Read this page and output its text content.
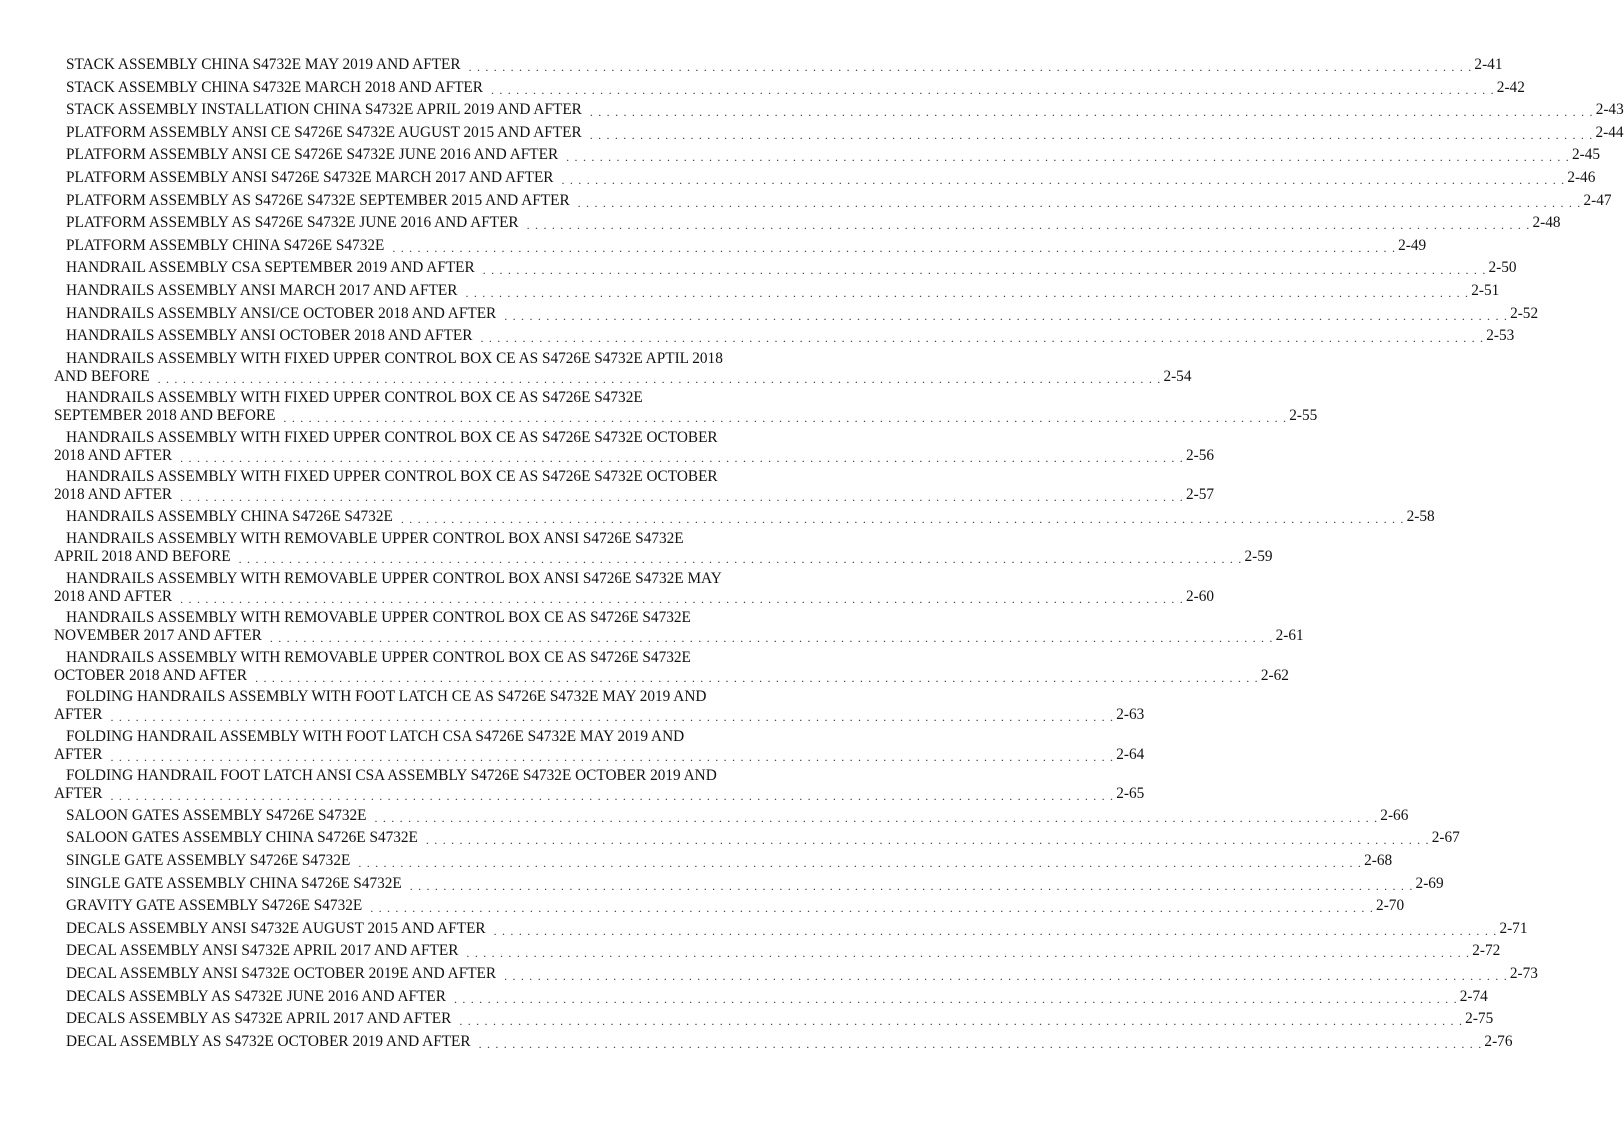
STACK ASSEMBLY CHINA S4732E MAY 2019 AND AFTER . . . . . . . . . . . . . . . . . . . . . . . . . . . . . . . . . . . . . . . . . . . . . . . . . . . . . . . . . . . . . . . . . . . . . . . . . . . . . . . . . . . . . . . . . . . . . . . . . . . . . . . . . . . . . . . . . . . . . . . . 2-41
STACK ASSEMBLY CHINA S4732E MARCH 2018 AND AFTER . . . . . . . . . . . . . . . . . . . . . . . . . . . . . . . . . . . . . . . . . . . . . . . . . . . . . . . . . . . . . . . . . . . . . . . . . . . . . . . . . . . . . . . . . . . . . . . . . . . . . . . . . . . . . . . . . . . . . . . . 2-42
STACK ASSEMBLY INSTALLATION CHINA S4732E APRIL 2019 AND AFTER . . . . . . . . . . . . . . . . . . . . . . . . . . . . . . . . . . . . . . . . . . . . . . . . . . . . . . . . . . . . . . . . . . . . . . . . . . . . . . . . . . . . . . . . . . . . . . . . . . . . . . . . . . . . . . . . . . . . . . . . 2-43
PLATFORM ASSEMBLY ANSI CE S4726E S4732E AUGUST 2015 AND AFTER . . . . . . . . . . . . . . . . . . . . . . . . . . . . . . . . . . . . . . . . . . . . . . . . . . . . . . . . . . . . . . . . . . . . . . . . . . . . . . . . . . . . . . . . . . . . . . . . . . . . . . . . . . . . . . . . . . . . . . . . 2-44
PLATFORM ASSEMBLY ANSI CE S4726E S4732E JUNE 2016 AND AFTER . . . . . . . . . . . . . . . . . . . . . . . . . . . . . . . . . . . . . . . . . . . . . . . . . . . . . . . . . . . . . . . . . . . . . . . . . . . . . . . . . . . . . . . . . . . . . . . . . . . . . . . . . . . . . . . . . . . . . . . . 2-45
PLATFORM ASSEMBLY ANSI S4726E S4732E MARCH 2017 AND AFTER . . . . . . . . . . . . . . . . . . . . . . . . . . . . . . . . . . . . . . . . . . . . . . . . . . . . . . . . . . . . . . . . . . . . . . . . . . . . . . . . . . . . . . . . . . . . . . . . . . . . . . . . . . . . . . . . . . . . . . . . 2-46
PLATFORM ASSEMBLY AS S4726E S4732E SEPTEMBER 2015 AND AFTER . . . . . . . . . . . . . . . . . . . . . . . . . . . . . . . . . . . . . . . . . . . . . . . . . . . . . . . . . . . . . . . . . . . . . . . . . . . . . . . . . . . . . . . . . . . . . . . . . . . . . . . . . . . . . . . . . . . . . . . . 2-47
PLATFORM ASSEMBLY AS S4726E S4732E JUNE 2016 AND AFTER . . . . . . . . . . . . . . . . . . . . . . . . . . . . . . . . . . . . . . . . . . . . . . . . . . . . . . . . . . . . . . . . . . . . . . . . . . . . . . . . . . . . . . . . . . . . . . . . . . . . . . . . . . . . . . . . . . . . . . . . 2-48
PLATFORM ASSEMBLY CHINA S4726E S4732E . . . . . . . . . . . . . . . . . . . . . . . . . . . . . . . . . . . . . . . . . . . . . . . . . . . . . . . . . . . . . . . . . . . . . . . . . . . . . . . . . . . . . . . . . . . . . . . . . . . . . . . . . . . . . . . . . . . . . . . . 2-49
HANDRAIL ASSEMBLY CSA SEPTEMBER 2019 AND AFTER . . . . . . . . . . . . . . . . . . . . . . . . . . . . . . . . . . . . . . . . . . . . . . . . . . . . . . . . . . . . . . . . . . . . . . . . . . . . . . . . . . . . . . . . . . . . . . . . . . . . . . . . . . . . . . . . . . . . . . . . 2-50
HANDRAILS ASSEMBLY ANSI MARCH 2017 AND AFTER . . . . . . . . . . . . . . . . . . . . . . . . . . . . . . . . . . . . . . . . . . . . . . . . . . . . . . . . . . . . . . . . . . . . . . . . . . . . . . . . . . . . . . . . . . . . . . . . . . . . . . . . . . . . . . . . . . . . . . . . 2-51
HANDRAILS ASSEMBLY ANSI/CE OCTOBER 2018 AND AFTER . . . . . . . . . . . . . . . . . . . . . . . . . . . . . . . . . . . . . . . . . . . . . . . . . . . . . . . . . . . . . . . . . . . . . . . . . . . . . . . . . . . . . . . . . . . . . . . . . . . . . . . . . . . . . . . . . . . . . . . . 2-52
HANDRAILS ASSEMBLY ANSI OCTOBER 2018 AND AFTER . . . . . . . . . . . . . . . . . . . . . . . . . . . . . . . . . . . . . . . . . . . . . . . . . . . . . . . . . . . . . . . . . . . . . . . . . . . . . . . . . . . . . . . . . . . . . . . . . . . . . . . . . . . . . . . . . . . . . . . . 2-53
HANDRAILS ASSEMBLY WITH FIXED UPPER CONTROL BOX CE AS S4726E S4732E APTIL 2018
AND BEFORE . . . . . . . . . . . . . . . . . . . . . . . . . . . . . . . . . . . . . . . . . . . . . . . . . . . . . . . . . . . . . . . . . . . . . . . . . . . . . . . . . . . . . . . . . . . . . . . . . . . . . . . . . . . . . . . . . . . . . . . . 2-54
HANDRAILS ASSEMBLY WITH FIXED UPPER CONTROL BOX CE AS S4726E S4732E
SEPTEMBER 2018 AND BEFORE . . . . . . . . . . . . . . . . . . . . . . . . . . . . . . . . . . . . . . . . . . . . . . . . . . . . . . . . . . . . . . . . . . . . . . . . . . . . . . . . . . . . . . . . . . . . . . . . . . . . . . . . . . . . . . . . . . . . . . . . 2-55
HANDRAILS ASSEMBLY WITH FIXED UPPER CONTROL BOX CE AS S4726E S4732E OCTOBER
2018 AND AFTER . . . . . . . . . . . . . . . . . . . . . . . . . . . . . . . . . . . . . . . . . . . . . . . . . . . . . . . . . . . . . . . . . . . . . . . . . . . . . . . . . . . . . . . . . . . . . . . . . . . . . . . . . . . . . . . . . . . . . . . . 2-56
HANDRAILS ASSEMBLY WITH FIXED UPPER CONTROL BOX CE AS S4726E S4732E OCTOBER
2018 AND AFTER . . . . . . . . . . . . . . . . . . . . . . . . . . . . . . . . . . . . . . . . . . . . . . . . . . . . . . . . . . . . . . . . . . . . . . . . . . . . . . . . . . . . . . . . . . . . . . . . . . . . . . . . . . . . . . . . . . . . . . . . 2-57
HANDRAILS ASSEMBLY CHINA S4726E S4732E . . . . . . . . . . . . . . . . . . . . . . . . . . . . . . . . . . . . . . . . . . . . . . . . . . . . . . . . . . . . . . . . . . . . . . . . . . . . . . . . . . . . . . . . . . . . . . . . . . . . . . . . . . . . . . . . . . . . . . . . 2-58
HANDRAILS ASSEMBLY WITH REMOVABLE UPPER CONTROL BOX ANSI S4726E S4732E
APRIL 2018 AND BEFORE . . . . . . . . . . . . . . . . . . . . . . . . . . . . . . . . . . . . . . . . . . . . . . . . . . . . . . . . . . . . . . . . . . . . . . . . . . . . . . . . . . . . . . . . . . . . . . . . . . . . . . . . . . . . . . . . . . . . . . . . 2-59
HANDRAILS ASSEMBLY WITH REMOVABLE UPPER CONTROL BOX ANSI S4726E S4732E MAY
2018 AND AFTER . . . . . . . . . . . . . . . . . . . . . . . . . . . . . . . . . . . . . . . . . . . . . . . . . . . . . . . . . . . . . . . . . . . . . . . . . . . . . . . . . . . . . . . . . . . . . . . . . . . . . . . . . . . . . . . . . . . . . . . . 2-60
HANDRAILS ASSEMBLY WITH REMOVABLE UPPER CONTROL BOX CE AS S4726E S4732E
NOVEMBER 2017 AND AFTER . . . . . . . . . . . . . . . . . . . . . . . . . . . . . . . . . . . . . . . . . . . . . . . . . . . . . . . . . . . . . . . . . . . . . . . . . . . . . . . . . . . . . . . . . . . . . . . . . . . . . . . . . . . . . . . . . . . . . . . . 2-61
HANDRAILS ASSEMBLY WITH REMOVABLE UPPER CONTROL BOX CE AS S4726E S4732E
OCTOBER 2018 AND AFTER . . . . . . . . . . . . . . . . . . . . . . . . . . . . . . . . . . . . . . . . . . . . . . . . . . . . . . . . . . . . . . . . . . . . . . . . . . . . . . . . . . . . . . . . . . . . . . . . . . . . . . . . . . . . . . . . . . . . . . . . 2-62
FOLDING HANDRAILS ASSEMBLY WITH FOOT LATCH CE AS S4726E S4732E MAY 2019 AND
AFTER . . . . . . . . . . . . . . . . . . . . . . . . . . . . . . . . . . . . . . . . . . . . . . . . . . . . . . . . . . . . . . . . . . . . . . . . . . . . . . . . . . . . . . . . . . . . . . . . . . . . . . . . . . . . . . . . . . . . . . . . 2-63
FOLDING HANDRAIL ASSEMBLY WITH FOOT LATCH CSA S4726E S4732E MAY 2019 AND
AFTER . . . . . . . . . . . . . . . . . . . . . . . . . . . . . . . . . . . . . . . . . . . . . . . . . . . . . . . . . . . . . . . . . . . . . . . . . . . . . . . . . . . . . . . . . . . . . . . . . . . . . . . . . . . . . . . . . . . . . . . . 2-64
FOLDING HANDRAIL FOOT LATCH ANSI CSA ASSEMBLY S4726E S4732E OCTOBER 2019 AND
AFTER . . . . . . . . . . . . . . . . . . . . . . . . . . . . . . . . . . . . . . . . . . . . . . . . . . . . . . . . . . . . . . . . . . . . . . . . . . . . . . . . . . . . . . . . . . . . . . . . . . . . . . . . . . . . . . . . . . . . . . . . 2-65
SALOON GATES ASSEMBLY S4726E S4732E . . . . . . . . . . . . . . . . . . . . . . . . . . . . . . . . . . . . . . . . . . . . . . . . . . . . . . . . . . . . . . . . . . . . . . . . . . . . . . . . . . . . . . . . . . . . . . . . . . . . . . . . . . . . . . . . . . . . . . . . 2-66
SALOON GATES ASSEMBLY CHINA S4726E S4732E . . . . . . . . . . . . . . . . . . . . . . . . . . . . . . . . . . . . . . . . . . . . . . . . . . . . . . . . . . . . . . . . . . . . . . . . . . . . . . . . . . . . . . . . . . . . . . . . . . . . . . . . . . . . . . . . . . . . . . . . 2-67
SINGLE GATE ASSEMBLY S4726E S4732E . . . . . . . . . . . . . . . . . . . . . . . . . . . . . . . . . . . . . . . . . . . . . . . . . . . . . . . . . . . . . . . . . . . . . . . . . . . . . . . . . . . . . . . . . . . . . . . . . . . . . . . . . . . . . . . . . . . . . . . . 2-68
SINGLE GATE ASSEMBLY CHINA S4726E S4732E . . . . . . . . . . . . . . . . . . . . . . . . . . . . . . . . . . . . . . . . . . . . . . . . . . . . . . . . . . . . . . . . . . . . . . . . . . . . . . . . . . . . . . . . . . . . . . . . . . . . . . . . . . . . . . . . . . . . . . . . 2-69
GRAVITY GATE ASSEMBLY S4726E S4732E . . . . . . . . . . . . . . . . . . . . . . . . . . . . . . . . . . . . . . . . . . . . . . . . . . . . . . . . . . . . . . . . . . . . . . . . . . . . . . . . . . . . . . . . . . . . . . . . . . . . . . . . . . . . . . . . . . . . . . . . 2-70
DECALS ASSEMBLY ANSI S4732E AUGUST 2015 AND AFTER . . . . . . . . . . . . . . . . . . . . . . . . . . . . . . . . . . . . . . . . . . . . . . . . . . . . . . . . . . . . . . . . . . . . . . . . . . . . . . . . . . . . . . . . . . . . . . . . . . . . . . . . . . . . . . . . . . . . . . . . 2-71
DECAL ASSEMBLY ANSI S4732E APRIL 2017 AND AFTER . . . . . . . . . . . . . . . . . . . . . . . . . . . . . . . . . . . . . . . . . . . . . . . . . . . . . . . . . . . . . . . . . . . . . . . . . . . . . . . . . . . . . . . . . . . . . . . . . . . . . . . . . . . . . . . . . . . . . . . . 2-72
DECAL ASSEMBLY ANSI S4732E OCTOBER 2019E AND AFTER . . . . . . . . . . . . . . . . . . . . . . . . . . . . . . . . . . . . . . . . . . . . . . . . . . . . . . . . . . . . . . . . . . . . . . . . . . . . . . . . . . . . . . . . . . . . . . . . . . . . . . . . . . . . . . . . . . . . . . . . 2-73
DECALS ASSEMBLY AS S4732E JUNE 2016 AND AFTER . . . . . . . . . . . . . . . . . . . . . . . . . . . . . . . . . . . . . . . . . . . . . . . . . . . . . . . . . . . . . . . . . . . . . . . . . . . . . . . . . . . . . . . . . . . . . . . . . . . . . . . . . . . . . . . . . . . . . . . . 2-74
DECALS ASSEMBLY AS S4732E APRIL 2017 AND AFTER . . . . . . . . . . . . . . . . . . . . . . . . . . . . . . . . . . . . . . . . . . . . . . . . . . . . . . . . . . . . . . . . . . . . . . . . . . . . . . . . . . . . . . . . . . . . . . . . . . . . . . . . . . . . . . . . . . . . . . . . 2-75
DECAL ASSEMBLY AS S4732E OCTOBER 2019 AND AFTER . . . . . . . . . . . . . . . . . . . . . . . . . . . . . . . . . . . . . . . . . . . . . . . . . . . . . . . . . . . . . . . . . . . . . . . . . . . . . . . . . . . . . . . . . . . . . . . . . . . . . . . . . . . . . . . . . . . . . . . . 2-76
